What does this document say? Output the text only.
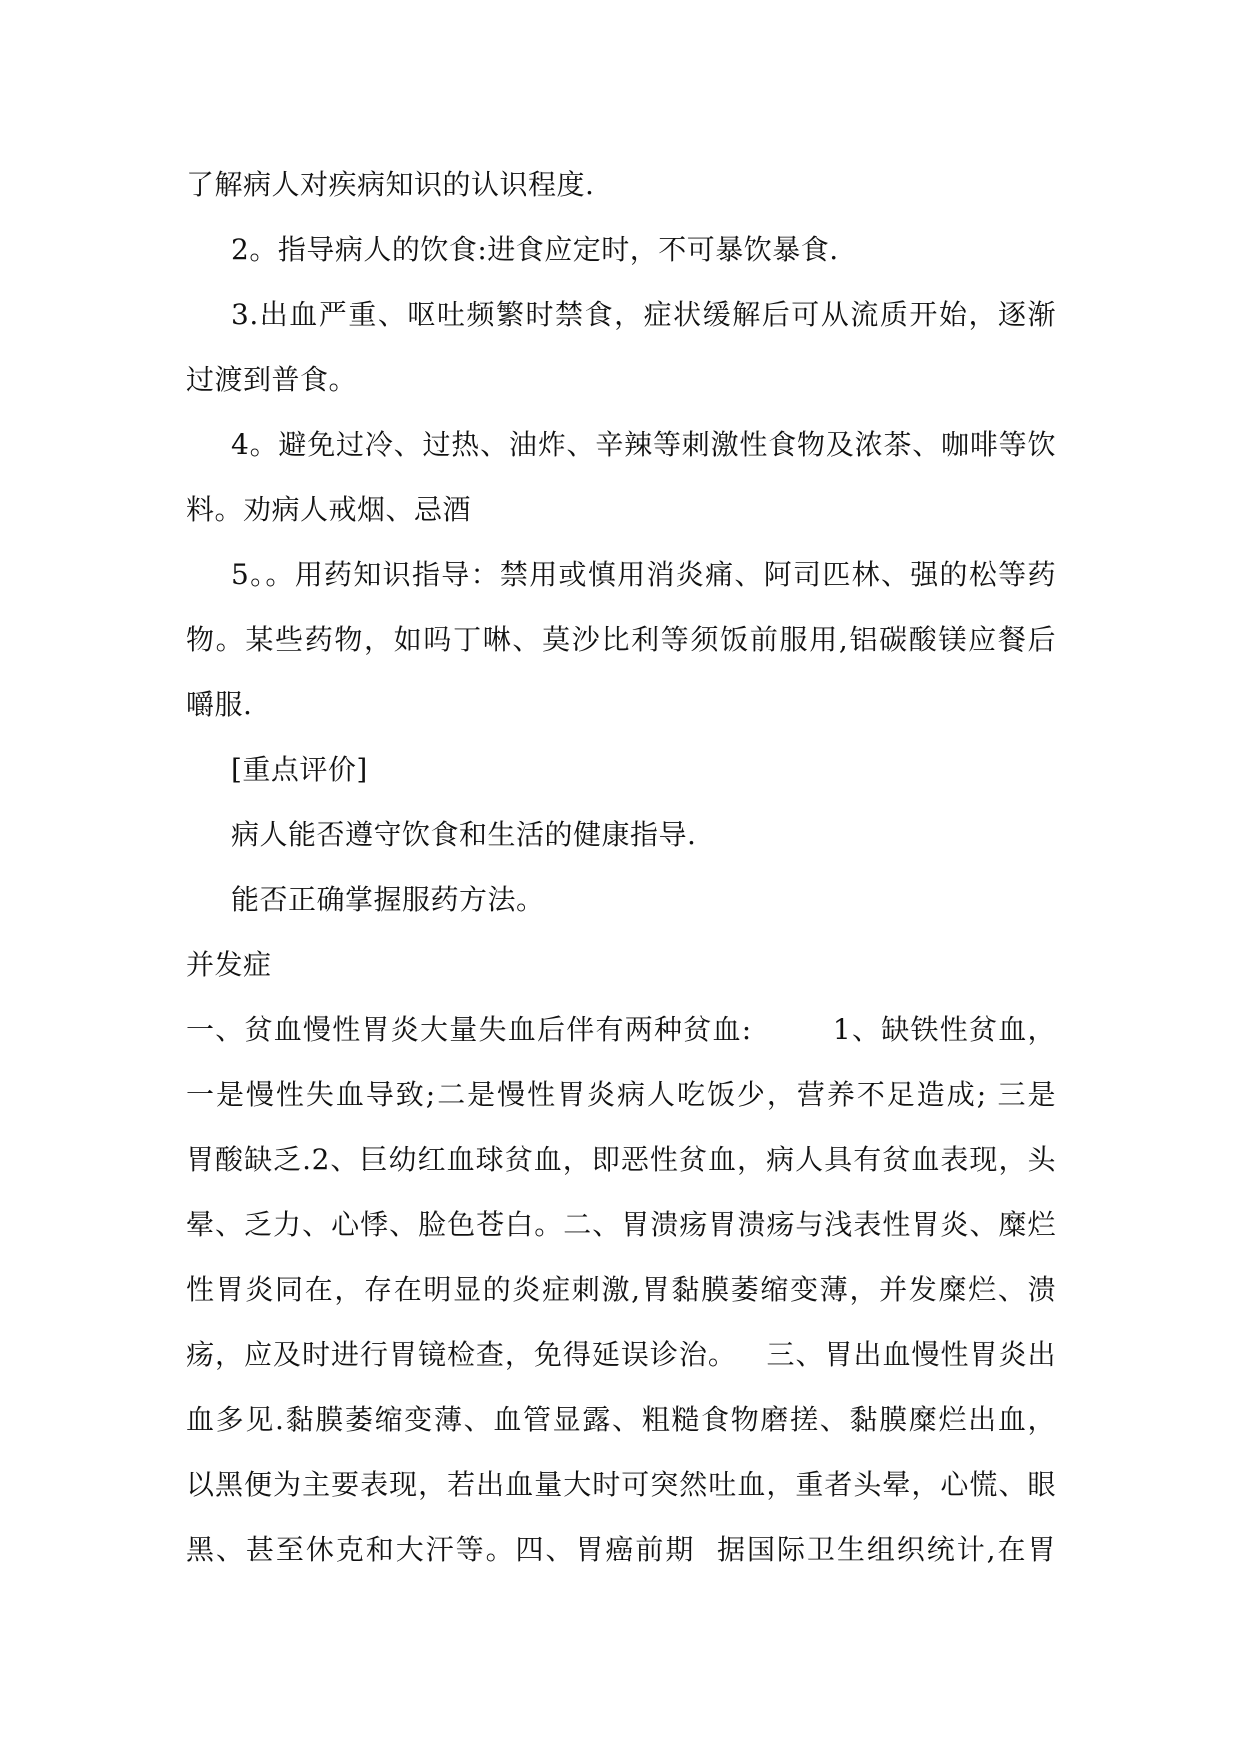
了解病人对疾病知识的认识程度.
2。指导病人的饮食:进食应定时，不可暴饮暴食.
3.出血严重、呕吐频繁时禁食，症状缓解后可从流质开始，逐渐
过渡到普食。
4。避免过冷、过热、油炸、辛辣等刺激性食物及浓茶、咖啡等饮
料。劝病人戒烟、忌酒
5。。用药知识指导：禁用或慎用消炎痛、阿司匹林、强的松等药
物。某些药物，如吗丁啉、莫沙比利等须饭前服用,铝碳酸镁应餐后
嚼服.
[重点评价]
病人能否遵守饮食和生活的健康指导.
能否正确掌握服药方法。
并发症
一、贫血慢性胃炎大量失血后伴有两种贫血:        1、缺铁性贫血，
一是慢性失血导致;二是慢性胃炎病人吃饭少，营养不足造成; 三是
胃酸缺乏.2、巨幼红血球贫血，即恶性贫血，病人具有贫血表现，头
晕、乏力、心悸、脸色苍白。二、胃溃疡胃溃疡与浅表性胃炎、糜烂
性胃炎同在，存在明显的炎症刺激,胃黏膜萎缩变薄，并发糜烂、溃
疡，应及时进行胃镜检查，免得延误诊治。   三、胃出血慢性胃炎出
血多见.黏膜萎缩变薄、血管显露、粗糙食物磨搓、黏膜糜烂出血，
以黑便为主要表现，若出血量大时可突然吐血，重者头晕，心慌、眼
黑、甚至休克和大汗等。四、胃癌前期  据国际卫生组织统计,在胃
